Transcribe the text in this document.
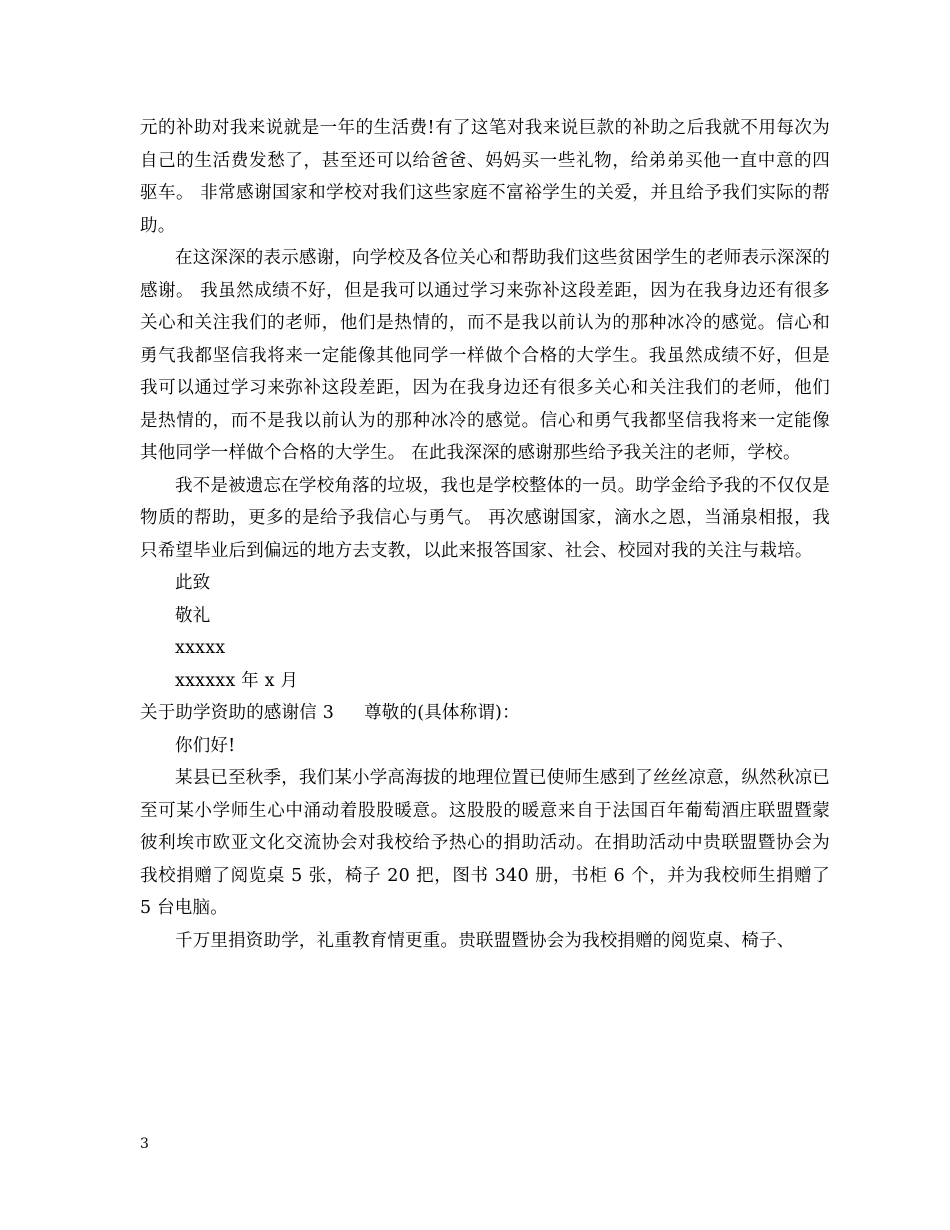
元的补助对我来说就是一年的生活费!有了这笔对我来说巨款的补助之后我就不用每次为自己的生活费发愁了，甚至还可以给爸爸、妈妈买一些礼物，给弟弟买他一直中意的四驱车。 非常感谢国家和学校对我们这些家庭不富裕学生的关爱，并且给予我们实际的帮助。

在这深深的表示感谢，向学校及各位关心和帮助我们这些贫困学生的老师表示深深的感谢。 我虽然成绩不好，但是我可以通过学习来弥补这段差距，因为在我身边还有很多关心和关注我们的老师，他们是热情的，而不是我以前认为的那种冰冷的感觉。信心和勇气我都坚信我将来一定能像其他同学一样做个合格的大学生。我虽然成绩不好，但是我可以通过学习来弥补这段差距，因为在我身边还有很多关心和关注我们的老师，他们是热情的，而不是我以前认为的那种冰冷的感觉。信心和勇气我都坚信我将来一定能像其他同学一样做个合格的大学生。 在此我深深的感谢那些给予我关注的老师，学校。

我不是被遗忘在学校角落的垃圾，我也是学校整体的一员。助学金给予我的不仅仅是物质的帮助，更多的是给予我信心与勇气。 再次感谢国家，滴水之恩，当涌泉相报，我只希望毕业后到偏远的地方去支教，以此来报答国家、社会、校园对我的关注与栽培。

此致

敬礼

xxxxx

xxxxxx 年 x 月

关于助学资助的感谢信 3 尊敬的(具体称谓)：

你们好!

某县已至秋季，我们某小学高海拔的地理位置已使师生感到了丝丝凉意，纵然秋凉已至可某小学师生心中涌动着股股暖意。这股股的暖意来自于法国百年葡萄酒庄联盟暨蒙彼利埃市欧亚文化交流协会对我校给予热心的捐助活动。在捐助活动中贵联盟暨协会为我校捐赠了阅览桌 5 张，椅子 20 把，图书 340 册，书柜 6 个，并为我校师生捐赠了 5 台电脑。

千万里捐资助学，礼重教育情更重。贵联盟暨协会为我校捐赠的阅览桌、椅子、

3
